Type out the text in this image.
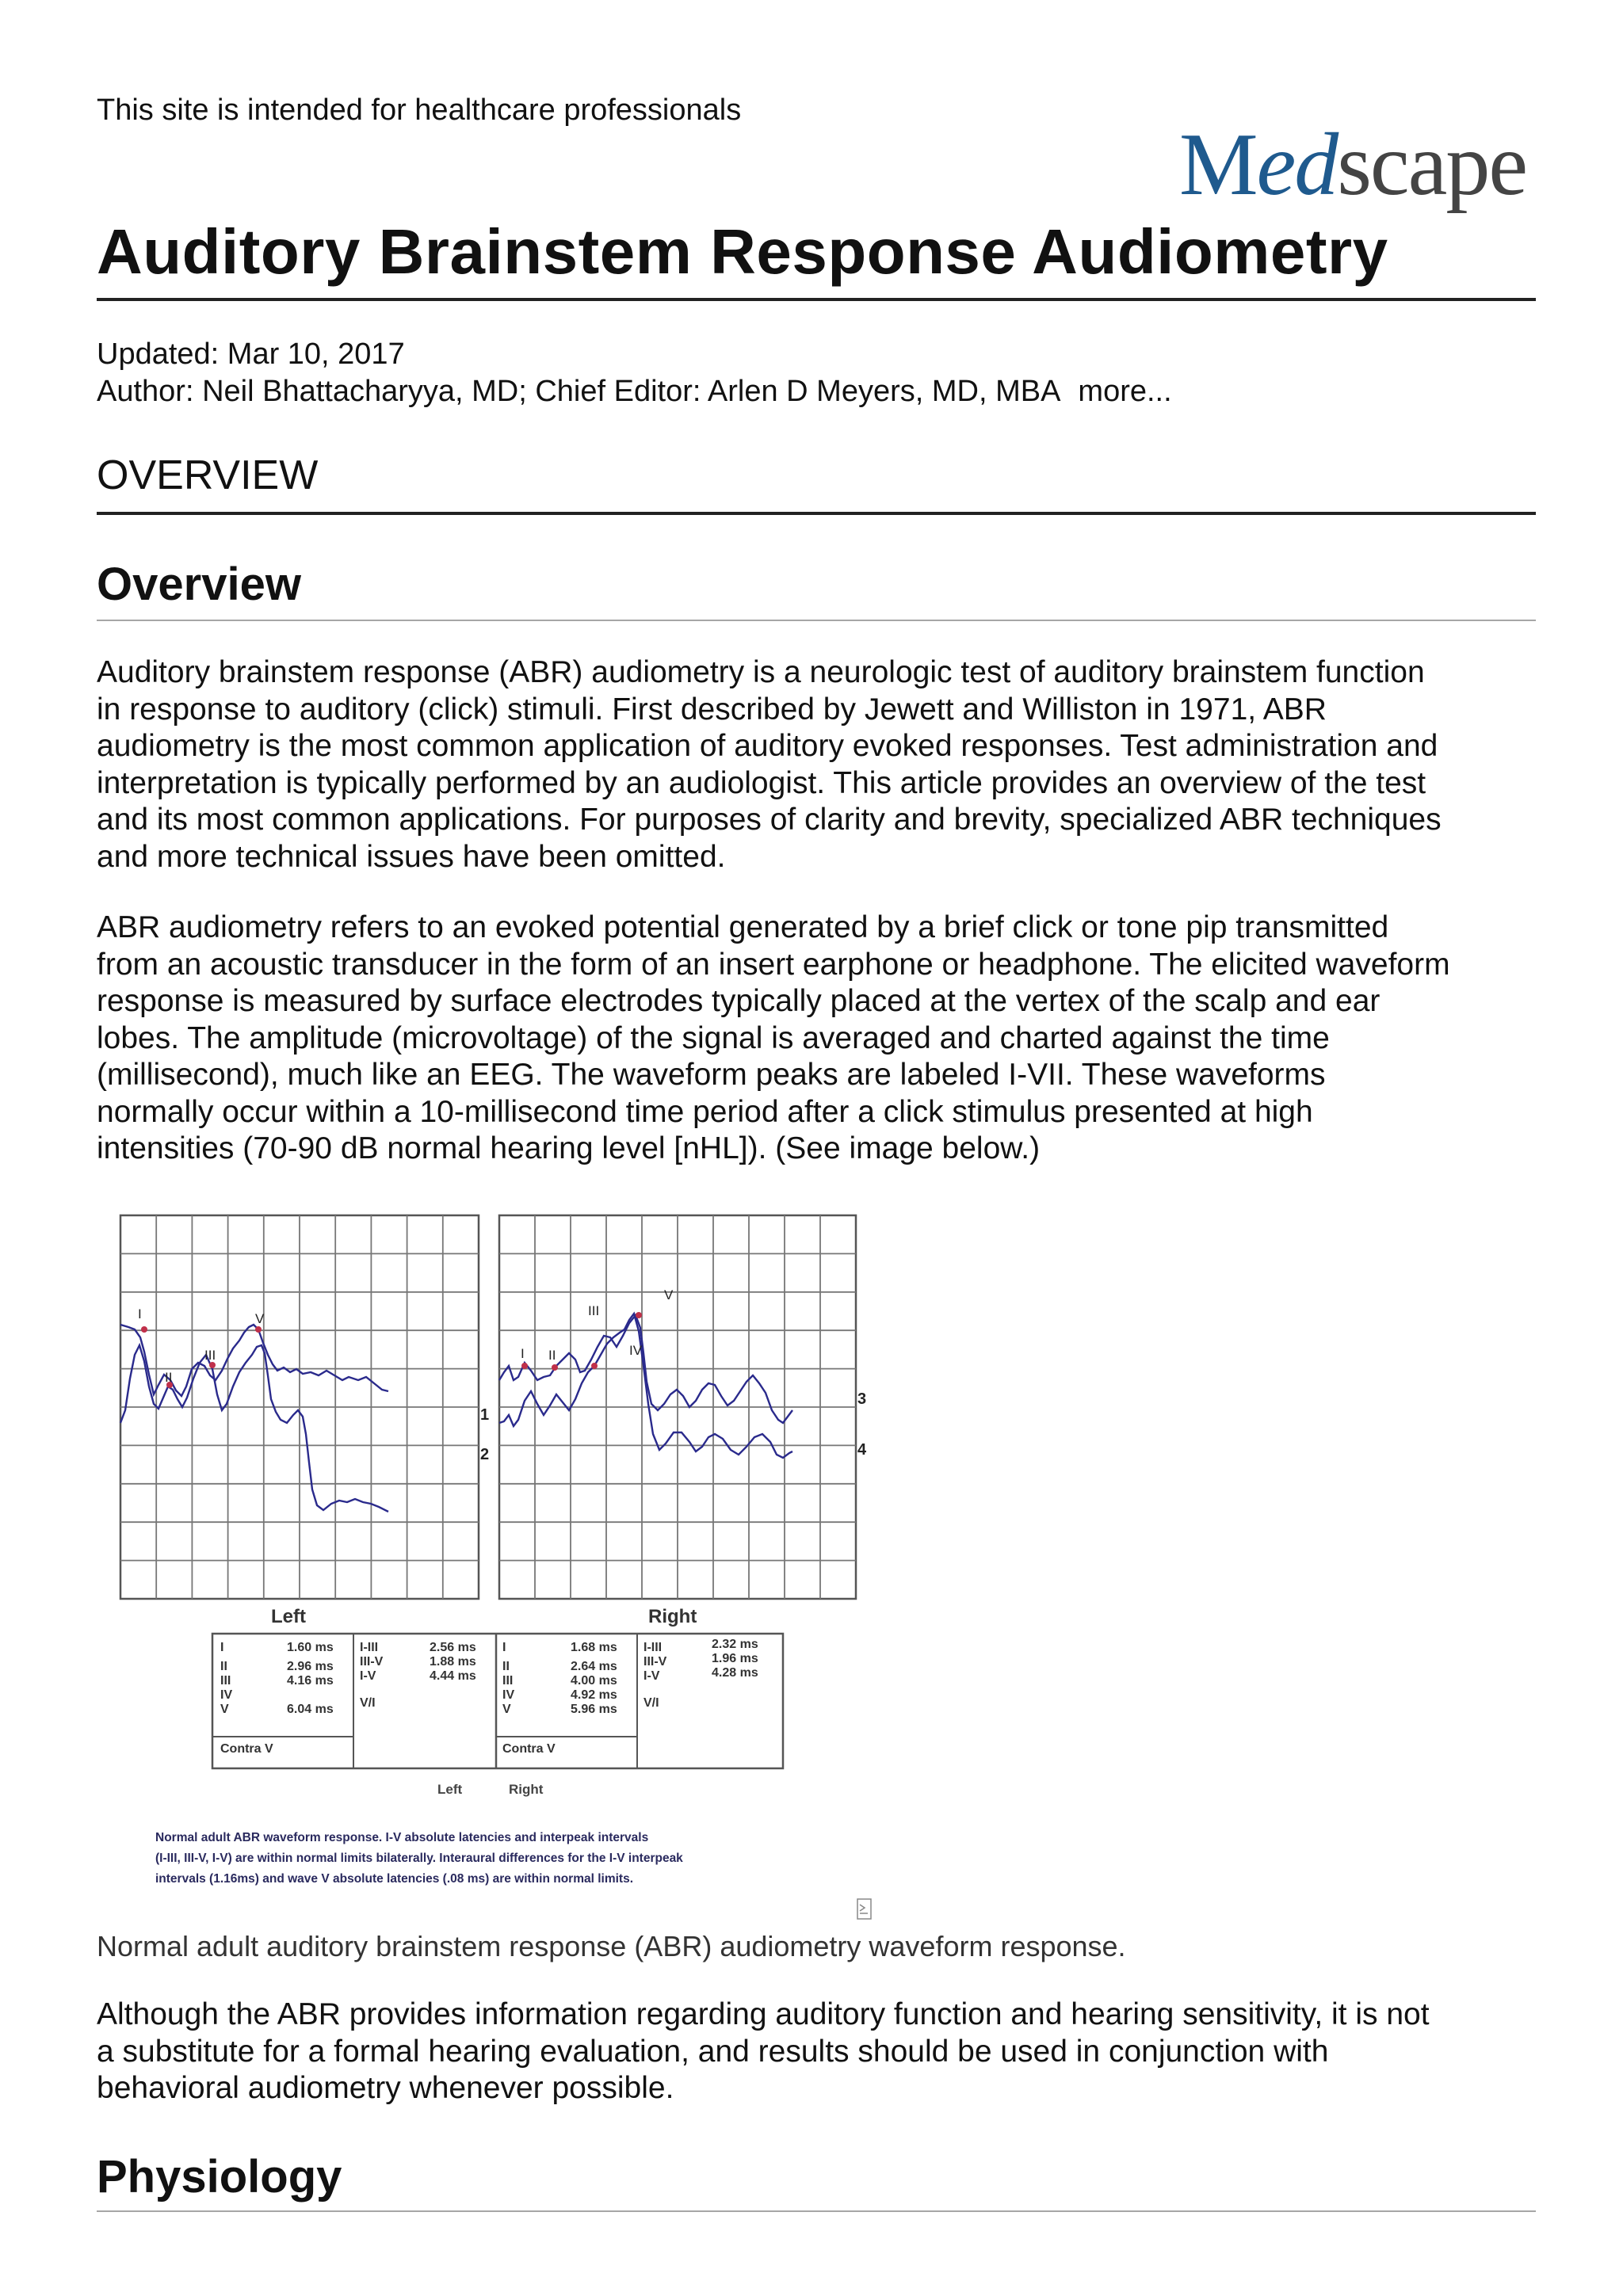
This site is intended for healthcare professionals
Medscape
Auditory Brainstem Response Audiometry
Updated: Mar 10, 2017
Author: Neil Bhattacharyya, MD; Chief Editor: Arlen D Meyers, MD, MBA more...
OVERVIEW
Overview
Auditory brainstem response (ABR) audiometry is a neurologic test of auditory brainstem function
in response to auditory (click) stimuli. First described by Jewett and Williston in 1971, ABR
audiometry is the most common application of auditory evoked responses. Test administration and
interpretation is typically performed by an audiologist. This article provides an overview of the test
and its most common applications. For purposes of clarity and brevity, specialized ABR techniques
and more technical issues have been omitted.
ABR audiometry refers to an evoked potential generated by a brief click or tone pip transmitted
from an acoustic transducer in the form of an insert earphone or headphone. The elicited waveform
response is measured by surface electrodes typically placed at the vertex of the scalp and ear
lobes. The amplitude (microvoltage) of the signal is averaged and charted against the time
(millisecond), much like an EEG. The waveform peaks are labeled I-VII. These waveforms
normally occur within a 10-millisecond time period after a click stimulus presented at high
intensities (70-90 dB normal hearing level [nHL]). (See image below.)
I
II
III
V
I II
III
IV
V
1
2
3
4
Left	Right
I
II
III
IV
V
1.60 ms
2.96 ms
4.16 ms
6.04 ms
I-III
III-V
I-V
V/I
2.56 ms
1.88 ms
4.44 ms
Contra V
I
II
III
IV
V
1.68 ms
2.64 ms
4.00 ms
4.92 ms
5.96 ms
I-III
III-V
I-V
V/I
2.32 ms
1.96 ms
4.28 ms
Contra V
Left	Right
Normal adult ABR waveform response. I-V absolute latencies and interpeak intervals
(I-III, III-V, I-V) are within normal limits bilaterally. Interaural differences for the I-V interpeak
intervals (1.16ms) and wave V absolute latencies (.08 ms) are within normal limits.
Normal adult auditory brainstem response (ABR) audiometry waveform response.
Although the ABR provides information regarding auditory function and hearing sensitivity, it is not
a substitute for a formal hearing evaluation, and results should be used in conjunction with
behavioral audiometry whenever possible.
Physiology
